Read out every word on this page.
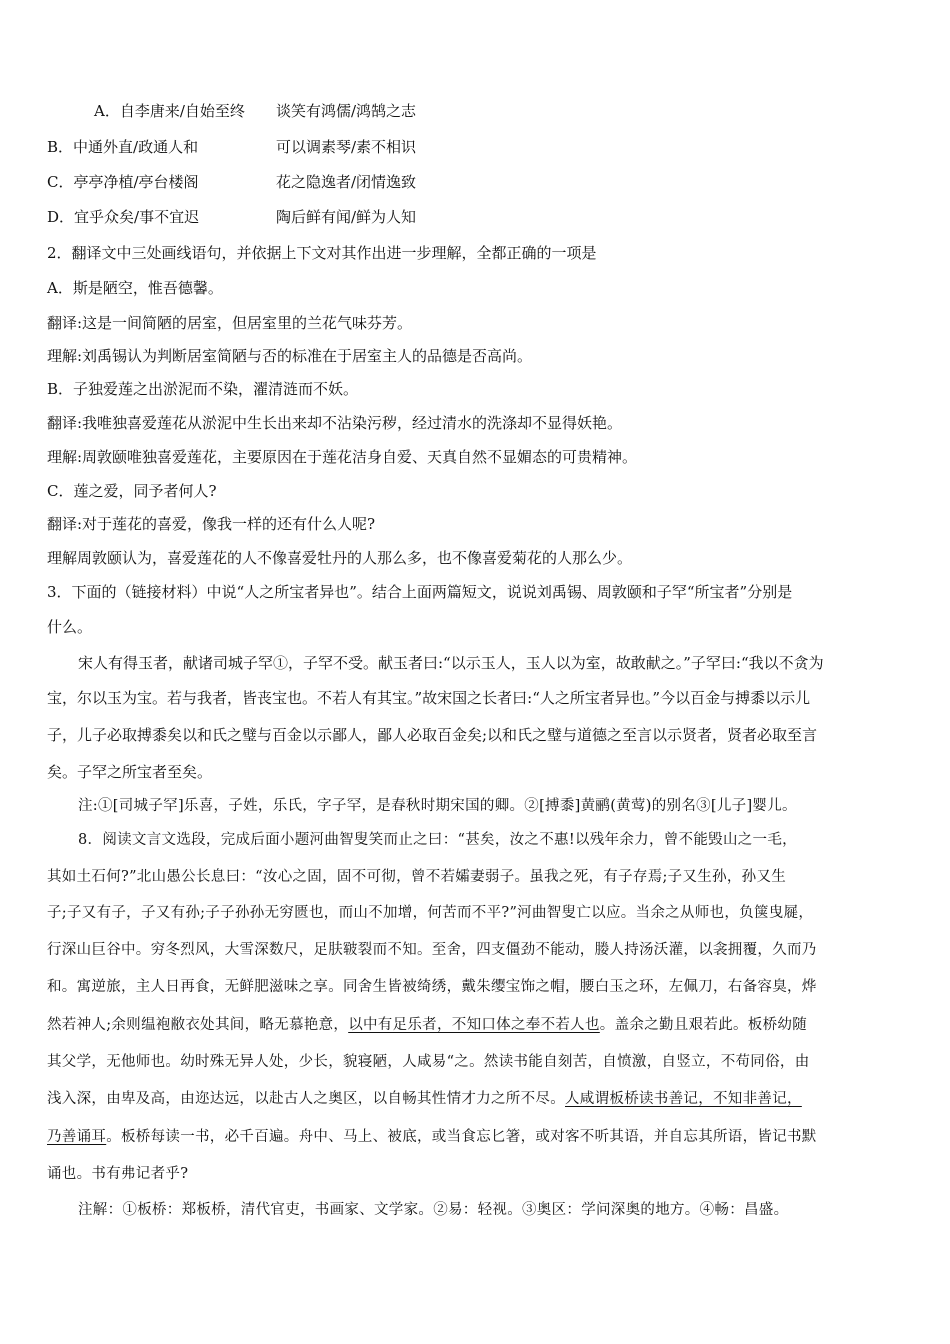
A．自李唐来/自始至终 谈笑有鸿儒/鸿鹄之志
B．中通外直/政通人和	可以调素琴/素不相识
C．亭亭净植/亭台楼阁	花之隐逸者/闭情逸致
D．宜乎众矣/事不宜迟	陶后鲜有闻/鲜为人知
2．翻译文中三处画线语句，并依据上下文对其作出进一步理解，全都正确的一项是
A．斯是陋空，惟吾德馨。
翻译:这是一间简陋的居室，但居室里的兰花气味芬芳。
理解:刘禹锡认为判断居室简陋与否的标准在于居室主人的品德是否高尚。
B．子独爱莲之出淤泥而不染，濯清涟而不妖。
翻译:我唯独喜爱莲花从淤泥中生长出来却不沾染污秽，经过清水的洗涤却不显得妖艳。
理解:周敦颐唯独喜爱莲花，主要原因在于莲花洁身自爱、天真自然不显媚态的可贵精神。
C．莲之爱，同予者何人?
翻译:对于莲花的喜爱，像我一样的还有什么人呢?
理解周敦颐认为，喜爱莲花的人不像喜爱牡丹的人那么多，也不像喜爱菊花的人那么少。
3．下面的（链接材料）中说“人之所宝者异也”。结合上面两篇短文，说说刘禹锡、周敦颐和子罕“所宝者”分别是
什么。
宋人有得玉者，献诸司城子罕①，子罕不受。献玉者曰:“以示玉人，玉人以为室，故敢献之。”子罕曰:“我以不贪为
宝，尔以玉为宝。若与我者，皆丧宝也。不若人有其宝。”故宋国之长者曰:“人之所宝者异也。”今以百金与搏黍以示儿
子，儿子必取搏黍矣以和氏之璧与百金以示鄙人，鄙人必取百金矣;以和氏之璧与道德之至言以示贤者，贤者必取至言
矣。子罕之所宝者至矣。
注:①[司城子罕]乐喜，子姓，乐氏，字子罕，是春秋时期宋国的卿。②[搏黍]黄鹂(黄莺)的别名③[儿子]婴儿。
8．阅读文言文选段，完成后面小题河曲智叟笑而止之曰：“甚矣，汝之不惠!以残年余力，曾不能毁山之一毛，
其如土石何?”北山愚公长息曰：“汝心之固，固不可彻，曾不若孀妻弱子。虽我之死，有子存焉;子又生孙，孙又生
子;子又有子，子又有孙;子子孙孙无穷匮也，而山不加增，何苦而不平?”河曲智叟亡以应。当余之从师也，负箧曳屣，
行深山巨谷中。穷冬烈风，大雪深数尺，足肤皲裂而不知。至舍，四支僵劲不能动，媵人持汤沃灌，以衾拥覆，久而乃
和。寓逆旅，主人日再食，无鲜肥滋味之享。同舍生皆被绮绣，戴朱缨宝饰之帽，腰白玉之环，左佩刀，右备容臭，烨
然若神人;余则缊袍敝衣处其间，略无慕艳意，以中有足乐者，不知口体之奉不若人也。盖余之勤且艰若此。板桥幼随
其父学，无他师也。幼时殊无异人处，少长，貌寝陋，人咸易“之。然读书能自刻苦，自愤激，自竖立，不苟同俗，由
浅入深，由卑及高，由迩达远，以赴古人之奥区，以自畅其性情才力之所不尽。人咸谓板桥读书善记，不知非善记，
乃善诵耳。板桥每读一书，必千百遍。舟中、马上、被底，或当食忘匕箸，或对客不听其语，并自忘其所语，皆记书默
诵也。书有弗记者乎?
注解：①板桥：郑板桥，清代官吏，书画家、文学家。②易：轻视。③奥区：学问深奥的地方。④畅：昌盛。
